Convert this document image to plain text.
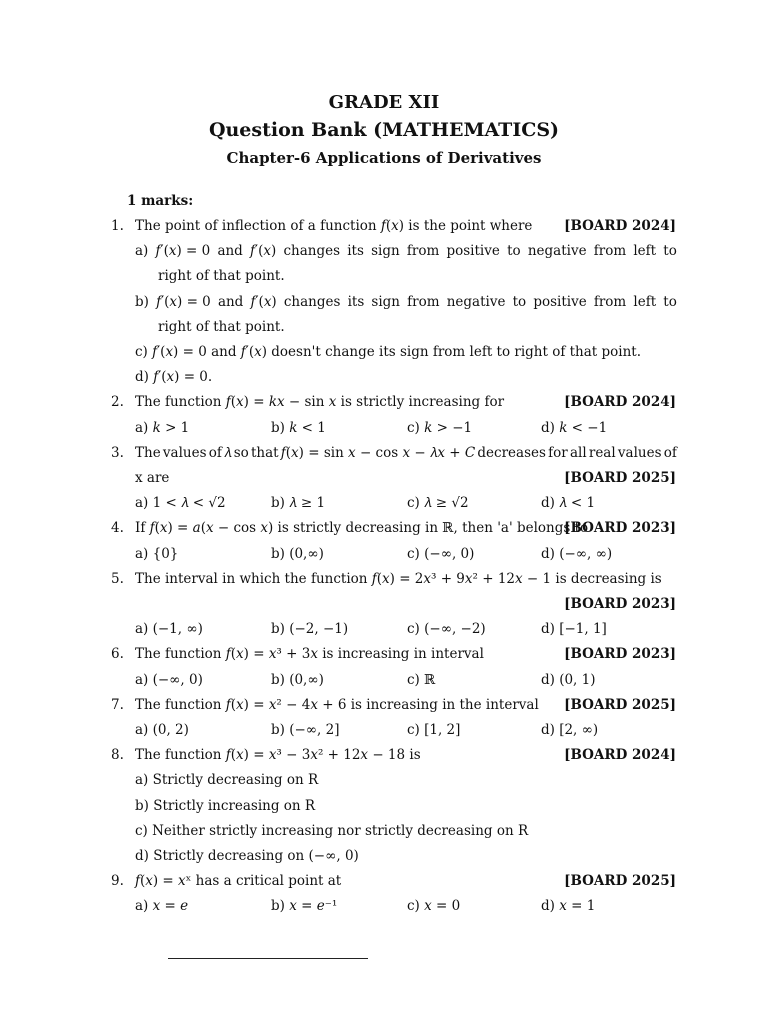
GRADE XII
Question Bank (MATHEMATICS)
Chapter-6 Applications of Derivatives
1 marks:
1. The point of inflection of a function 𝑓(𝑥) is the point where [BOARD 2024]
a) 𝑓′(𝑥) = 0 and 𝑓′(𝑥) changes its sign from positive to negative from left to
right of that point.
b) 𝑓′(𝑥) = 0 and 𝑓′(𝑥) changes its sign from negative to positive from left to
right of that point.
c) 𝑓′(𝑥) = 0 and 𝑓′(𝑥) doesn't change its sign from left to right of that point.
d) 𝑓′(𝑥) = 0.
2. The function 𝑓(𝑥) = 𝑘𝑥 − sin 𝑥 is strictly increasing for	[BOARD 2024]
a) 𝑘 > 1	b) 𝑘 < 1	c) 𝑘 > −1	d) 𝑘 < −1
3. The values of 𝜆 so that 𝑓(𝑥) = sin 𝑥 − cos 𝑥 − 𝜆𝑥 + 𝐶 decreases for all real values of
x are	[BOARD 2025]
a) 1 < 𝜆 < √2	b) 𝜆 ≥ 1	c) 𝜆 ≥ √2	d) 𝜆 < 1
4. If 𝑓(𝑥) = 𝑎(𝑥 − cos 𝑥) is strictly decreasing in ℝ, then 'a' belongs to
[BOARD 2023]
a) {0}	b) (0,∞)	c) (−∞, 0)	d) (−∞, ∞)
5. The interval in which the function 𝑓(𝑥) = 2𝑥³ + 9𝑥² + 12𝑥 − 1 is decreasing is
[BOARD 2023]
a) (−1, ∞)	b) (−2, −1)	c) (−∞, −2)	d) [−1, 1]
6. The function 𝑓(𝑥) = 𝑥³ + 3𝑥 is increasing in interval	[BOARD 2023]
a) (−∞, 0)	b) (0,∞)	c) ℝ	d) (0, 1)
7. The function 𝑓(𝑥) = 𝑥² − 4𝑥 + 6 is increasing in the interval [BOARD 2025]
a) (0, 2)	b) (−∞, 2]	c) [1, 2]	d) [2, ∞)
8. The function 𝑓(𝑥) = 𝑥³ − 3𝑥² + 12𝑥 − 18 is	[BOARD 2024]
a) Strictly decreasing on R
b) Strictly increasing on R
c) Neither strictly increasing nor strictly decreasing on R
d) Strictly decreasing on (−∞, 0)
9. 𝑓(𝑥) = 𝑥ˣ has a critical point at	[BOARD 2025]
a) 𝑥 = 𝑒	b) 𝑥 = 𝑒⁻¹	c) 𝑥 = 0	d) 𝑥 = 1
